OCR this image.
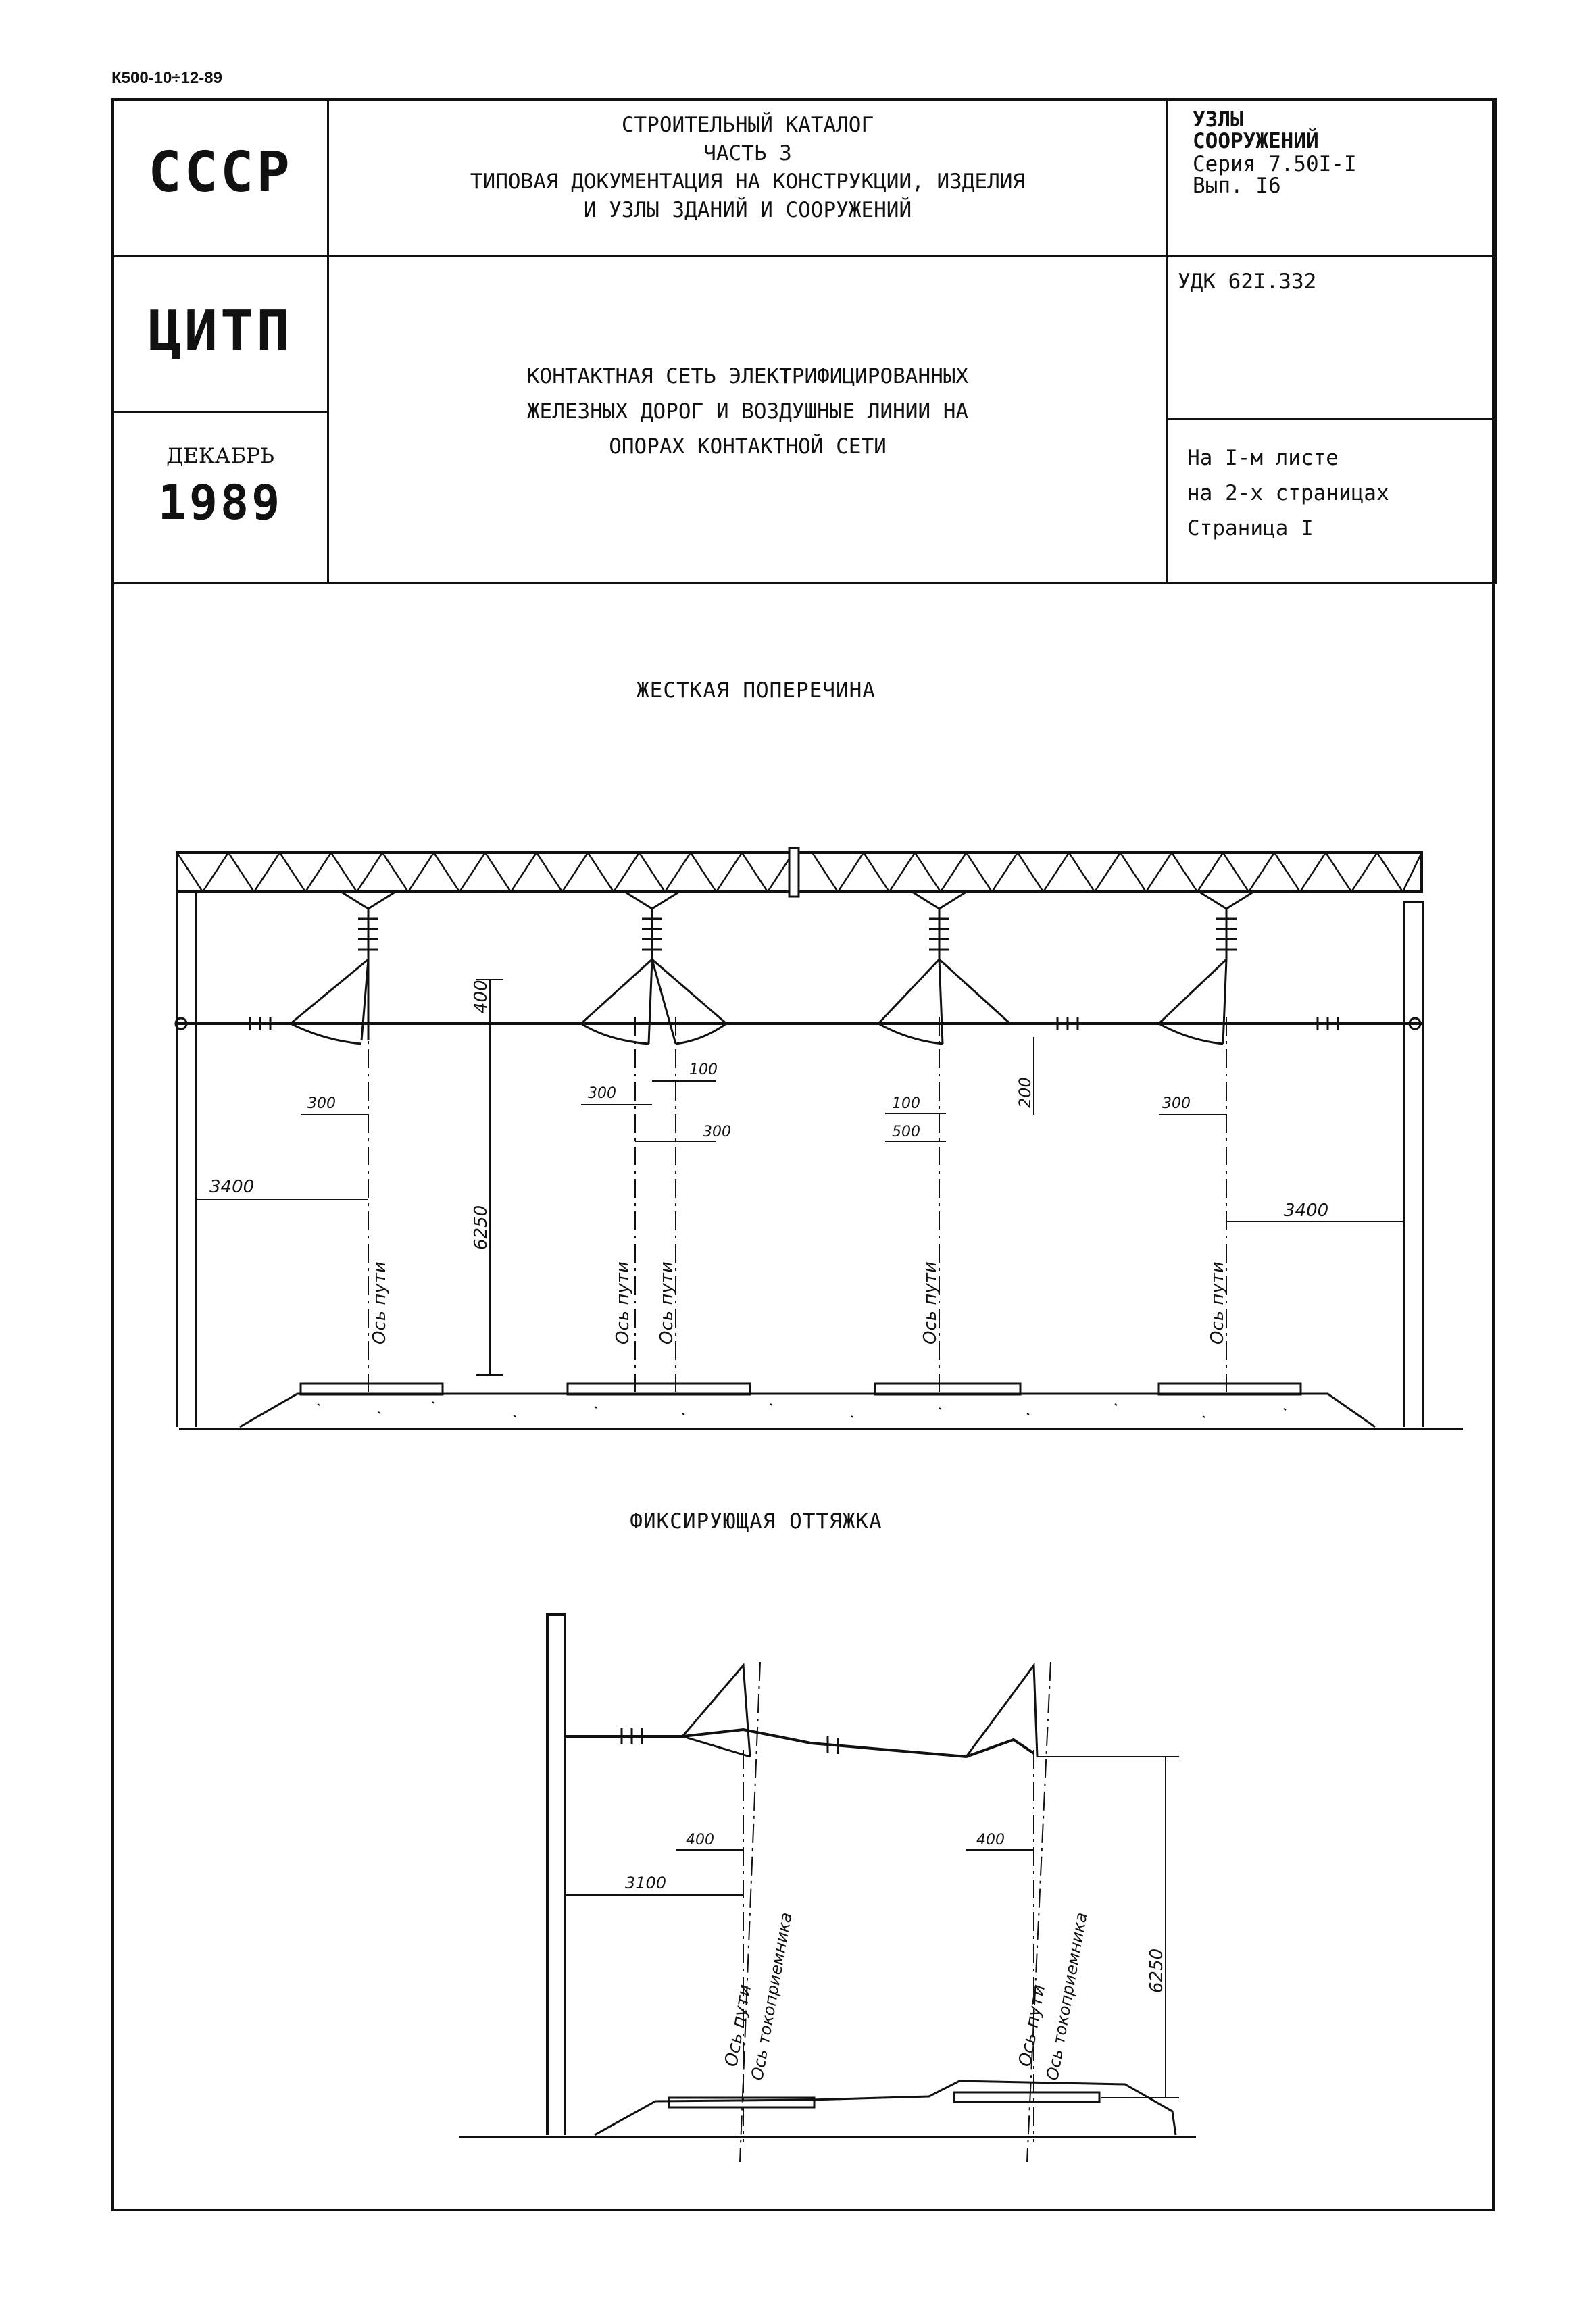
К500-10÷12-89
СССР
СТРОИТЕЛЬНЫЙ КАТАЛОГ
ЧАСТЬ 3
ТИПОВАЯ ДОКУМЕНТАЦИЯ НА КОНСТРУКЦИИ, ИЗДЕЛИЯ
И УЗЛЫ ЗДАНИЙ И СООРУЖЕНИЙ
УЗЛЫ
СООРУЖЕНИЙ
Серия 7.50I-I
Вып. I6
ЦИТП
ДЕКАБРЬ
1989
КОНТАКТНАЯ СЕТЬ ЭЛЕКТРИФИЦИРОВАННЫХ
ЖЕЛЕЗНЫХ ДОРОГ И ВОЗДУШНЫЕ ЛИНИИ НА
ОПОРАХ КОНТАКТНОЙ СЕТИ
УДК 62I.332
На I-м листе
на 2-х страницах
Страница I
ЖЕСТКАЯ ПОПЕРЕЧИНА
ФИКСИРУЮЩАЯ ОТТЯЖКА
3400
3400
400
6250
200
300
300
300
300
100
100
500
Ось пути	Ось пути Ось пути	Ось пути	Ось пути
3100
400	400
6250
Ось пути
Ось токоприемника	Ось пути
Ось токоприемника
